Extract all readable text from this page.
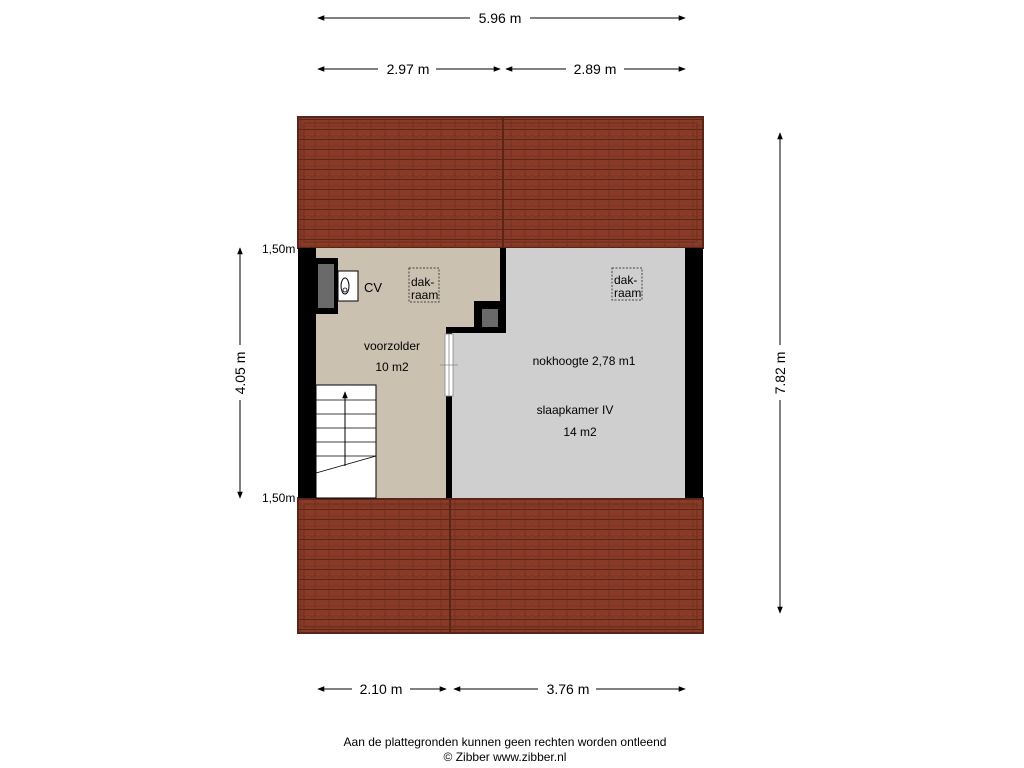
CV dak-
raam
dak-
raam
voorzolder
10 m2	nokhoogte 2,78 m1
slaapkamer IV
14 m2
1,50m
1,50m
5.96 m
2.97 m	2.89 m
2.10 m	3.76 m
4.05 m	7.82 m
Aan de plattegronden kunnen geen rechten worden ontleend
© Zibber www.zibber.nl
